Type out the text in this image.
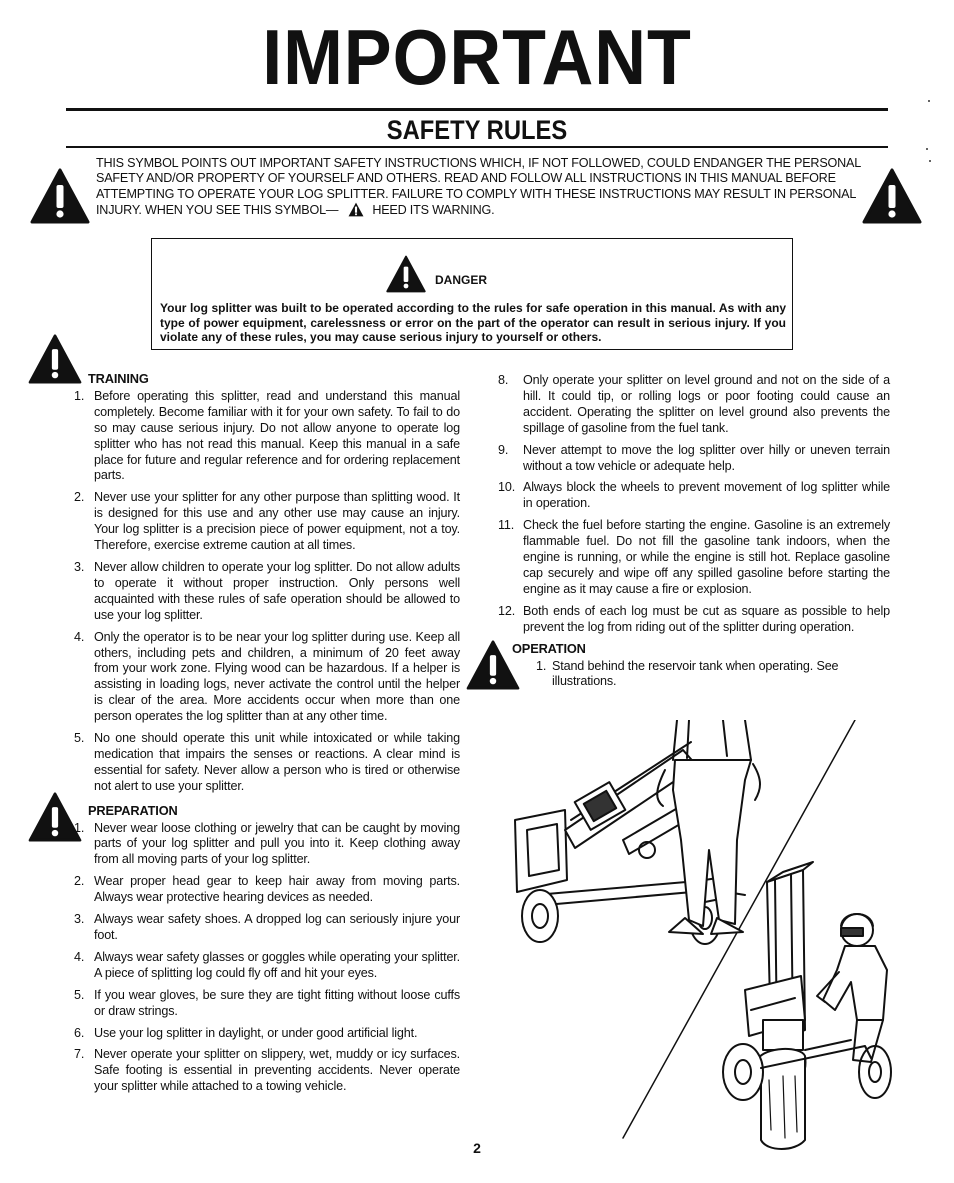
IMPORTANT
SAFETY RULES
THIS SYMBOL POINTS OUT IMPORTANT SAFETY INSTRUCTIONS WHICH, IF NOT FOLLOWED, COULD ENDANGER THE PERSONAL SAFETY AND/OR PROPERTY OF YOURSELF AND OTHERS. READ AND FOLLOW ALL INSTRUCTIONS IN THIS MANUAL BEFORE ATTEMPTING TO OPERATE YOUR LOG SPLITTER. FAILURE TO COMPLY WITH THESE INSTRUCTIONS MAY RESULT IN PERSONAL INJURY. WHEN YOU SEE THIS SYMBOL—	HEED ITS WARNING.
DANGER
Your log splitter was built to be operated according to the rules for safe operation in this manual. As with any type of power equipment, carelessness or error on the part of the operator can result in serious injury. If you violate any of these rules, you may cause serious injury to yourself or others.
TRAINING
1. Before operating this splitter, read and understand this manual completely. Become familiar with it for your own safety. To fail to do so may cause serious injury. Do not allow anyone to operate log splitter who has not read this manual. Keep this manual in a safe place for future and regular reference and for ordering replacement parts.
2. Never use your splitter for any other purpose than splitting wood. It is designed for this use and any other use may cause an injury. Your log splitter is a precision piece of power equipment, not a toy. Therefore, exercise extreme caution at all times.
3. Never allow children to operate your log splitter. Do not allow adults to operate it without proper instruction. Only persons well acquainted with these rules of safe operation should be allowed to use your log splitter.
4. Only the operator is to be near your log splitter during use. Keep all others, including pets and children, a minimum of 20 feet away from your work zone. Flying wood can be hazardous. If a helper is assisting in loading logs, never activate the control until the helper is clear of the area. More accidents occur when more than one person operates the log splitter than at any other time.
5. No one should operate this unit while intoxicated or while taking medication that impairs the senses or reactions. A clear mind is essential for safety. Never allow a person who is tired or otherwise not alert to use your splitter.
PREPARATION
1. Never wear loose clothing or jewelry that can be caught by moving parts of your log splitter and pull you into it. Keep clothing away from all moving parts of your log splitter.
2. Wear proper head gear to keep hair away from moving parts. Always wear protective hearing devices as needed.
3. Always wear safety shoes. A dropped log can seriously injure your foot.
4. Always wear safety glasses or goggles while operating your splitter. A piece of splitting log could fly off and hit your eyes.
5. If you wear gloves, be sure they are tight fitting without loose cuffs or draw strings.
6. Use your log splitter in daylight, or under good artificial light.
7. Never operate your splitter on slippery, wet, muddy or icy surfaces. Safe footing is essential in preventing accidents. Never operate your splitter while attached to a towing vehicle.
8.	Only operate your splitter on level ground and not on the side of a hill. It could tip, or rolling logs or poor footing could cause an accident. Operating the splitter on level ground also prevents the spillage of gasoline from the fuel tank.
9.	Never attempt to move the log splitter over hilly or uneven terrain without a tow vehicle or adequate help.
10. Always block the wheels to prevent movement of log splitter while in operation.
11. Check the fuel before starting the engine. Gasoline is an extremely flammable fuel. Do not fill the gasoline tank indoors, when the engine is running, or while the engine is still hot. Replace gasoline cap securely and wipe off any spilled gasoline before starting the engine as it may cause a fire or explosion.
12. Both ends of each log must be cut as square as possible to help prevent the log from riding out of the splitter during operation.
OPERATION
1. Stand behind the reservoir tank when operating. See illustrations.
2
